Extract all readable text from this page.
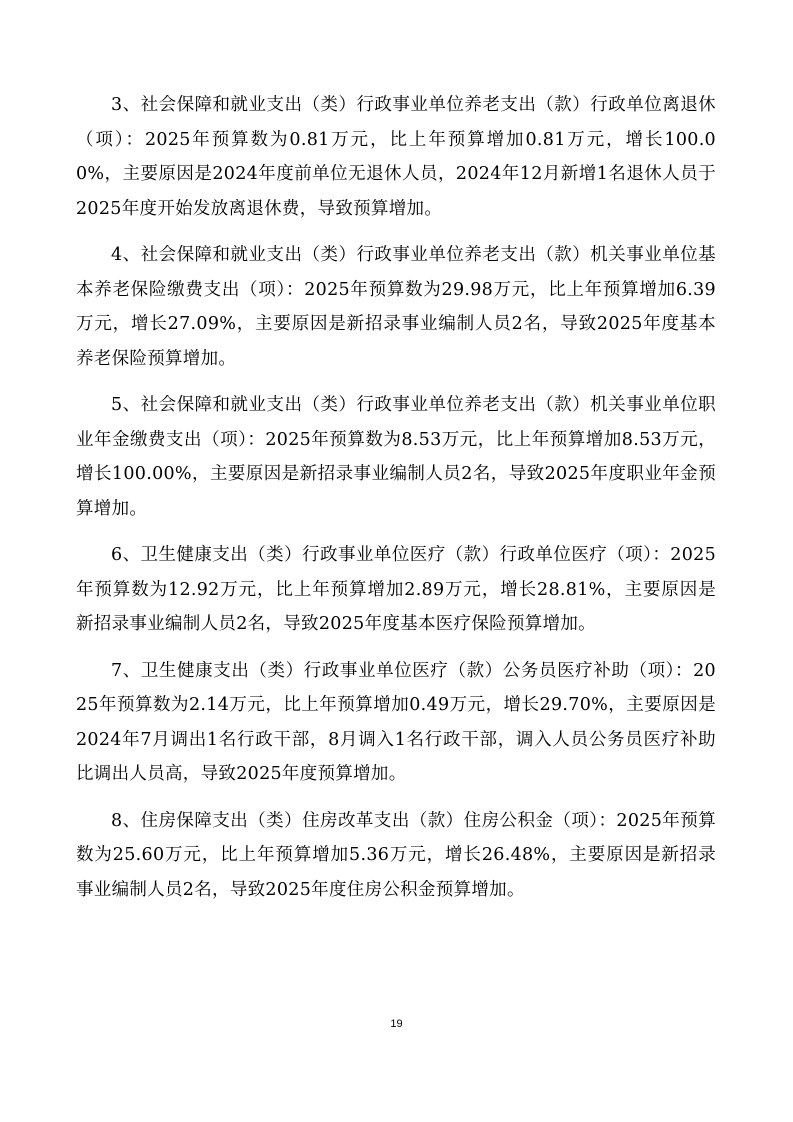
3、社会保障和就业支出（类）行政事业单位养老支出（款）行政单位离退休（项）：2025年预算数为0.81万元，比上年预算增加0.81万元，增长100.00%，主要原因是2024年度前单位无退休人员，2024年12月新增1名退休人员于2025年度开始发放离退休费，导致预算增加。

4、社会保障和就业支出（类）行政事业单位养老支出（款）机关事业单位基本养老保险缴费支出（项）：2025年预算数为29.98万元，比上年预算增加6.39万元，增长27.09%，主要原因是新招录事业编制人员2名，导致2025年度基本养老保险预算增加。

5、社会保障和就业支出（类）行政事业单位养老支出（款）机关事业单位职业年金缴费支出（项）：2025年预算数为8.53万元，比上年预算增加8.53万元，增长100.00%，主要原因是新招录事业编制人员2名，导致2025年度职业年金预算增加。

6、卫生健康支出（类）行政事业单位医疗（款）行政单位医疗（项）：2025年预算数为12.92万元，比上年预算增加2.89万元，增长28.81%，主要原因是新招录事业编制人员2名，导致2025年度基本医疗保险预算增加。

7、卫生健康支出（类）行政事业单位医疗（款）公务员医疗补助（项）：2025年预算数为2.14万元，比上年预算增加0.49万元，增长29.70%，主要原因是2024年7月调出1名行政干部，8月调入1名行政干部，调入人员公务员医疗补助比调出人员高，导致2025年度预算增加。

8、住房保障支出（类）住房改革支出（款）住房公积金（项）：2025年预算数为25.60万元，比上年预算增加5.36万元，增长26.48%，主要原因是新招录事业编制人员2名，导致2025年度住房公积金预算增加。

19
